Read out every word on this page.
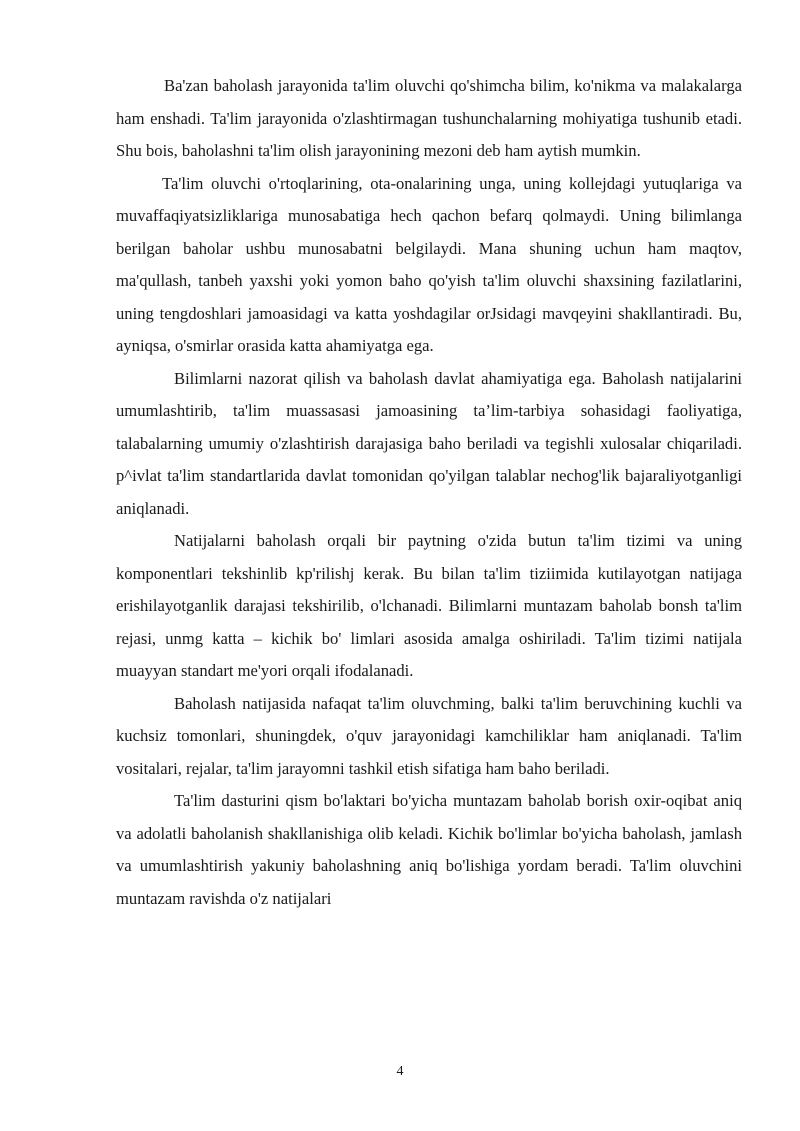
Ba'zan baholash jarayonida ta'lim oluvchi qo'shimcha bilim, ko'nikma va malakalarga ham enshadi. Ta'lim jarayonida o'zlashtirmagan tushunchalarning mohiyatiga tushunib etadi. Shu bois, baholashni ta'lim olish jarayonining mezoni deb ham aytish mumkin.

Ta'lim oluvchi o'rtoqlarining, ota-onalarining unga, uning kollejdagi yutuqlariga va muvaffaqiyatsizliklariga munosabatiga hech qachon befarq qolmaydi. Uning bilimlanga berilgan baholar ushbu munosabatni belgilaydi. Mana shuning uchun ham maqtov, ma'qullash, tanbeh yaxshi yoki yomon baho qo'yish ta'lim oluvchi shaxsining fazilatlarini, uning tengdoshlari jamoasidagi va katta yoshdagilar orJsidagi mavqeyini shakllantiradi. Bu, ayniqsa, o'smirlar orasida katta ahamiyatga ega.

Bilimlarni nazorat qilish va baholash davlat ahamiyatiga ega. Baholash natijalarini umumlashtirib, ta'lim muassasasi jamoasining ta’lim-tarbiya sohasidagi faoliyatiga, talabalarning umumiy o'zlashtirish darajasiga baho beriladi va tegishli xulosalar chiqariladi. p^ivlat ta'lim standartlarida davlat tomonidan qo'yilgan talablar nechog'lik bajaraliyotganligi aniqlanadi.

Natijalarni baholash orqali bir paytning o'zida butun ta'lim tizimi va uning komponentlari tekshinlib kp'rilishj kerak. Bu bilan ta'lim tiziimida kutilayotgan natijaga erishilayotganlik darajasi tekshirilib, o'lchanadi. Bilimlarni muntazam baholab bonsh ta'lim rejasi, unmg katta – kichik bo' limlari asosida amalga oshiriladi. Ta'lim tizimi natijala muayyan standart me'yori orqali ifodalanadi.

Baholash natijasida nafaqat ta'lim oluvchming, balki ta'lim beruvchining kuchli va kuchsiz tomonlari, shuningdek, o'quv jarayonidagi kamchiliklar ham aniqlanadi. Ta'lim vositalari, rejalar, ta'lim jarayomni tashkil etish sifatiga ham baho beriladi.

Ta'lim dasturini qism bo'laktari bo'yicha muntazam baholab borish oxir-oqibat aniq va adolatli baholanish shakllanishiga olib keladi. Kichik bo'limlar bo'yicha baholash, jamlash va umumlashtirish yakuniy baholashning aniq bo'lishiga yordam beradi. Ta'lim oluvchini muntazam ravishda o'z natijalari

4
